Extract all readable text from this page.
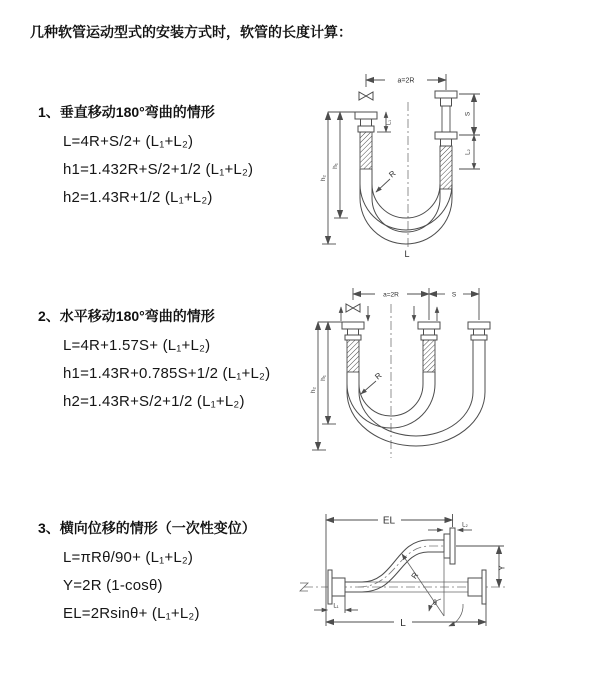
几种软管运动型式的安装方式时，软管的长度计算：
1、垂直移动180°弯曲的情形
L=4R+S/2+ (L₁+L₂)
h1=1.432R+S/2+1/2 (L₁+L₂)
h2=1.43R+1/2 (L₁+L₂)
a=2R
S
L₂
h₂
h₁
L₁
R
L
2、水平移动180°弯曲的情形
L=4R+1.57S+ (L₁+L₂)
h1=1.43R+0.785S+1/2 (L₁+L₂)
h2=1.43R+S/2+1/2 (L₁+L₂)
a=2R	S
h₂
h₁	R
3、横向位移的情形（一次性变位）
L=πRθ/90+ (L₁+L₂)
Y=2R (1-cosθ)
EL=2Rsinθ+ (L₁+L₂)
EL	L₂
Y
R
θ
L
L₁
